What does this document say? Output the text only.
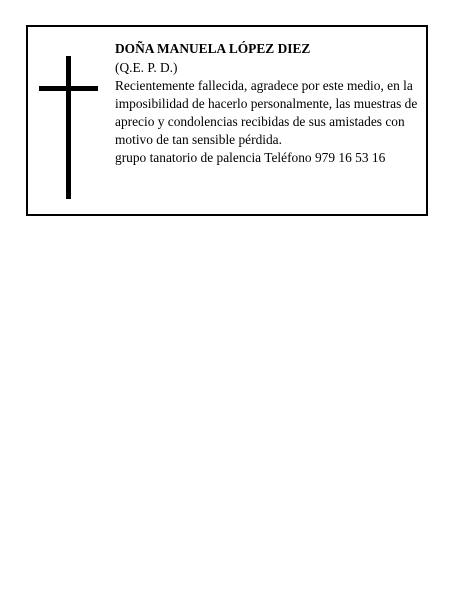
DOÑA MANUELA LÓPEZ DIEZ

(Q.E. P. D.)

Recientemente fallecida, agradece por este medio, en la imposibilidad de hacerlo personalmente, las muestras de aprecio y condolencias recibidas de sus amistades con motivo de tan sensible pérdida.

grupo tanatorio de palencia Teléfono 979 16 53 16
